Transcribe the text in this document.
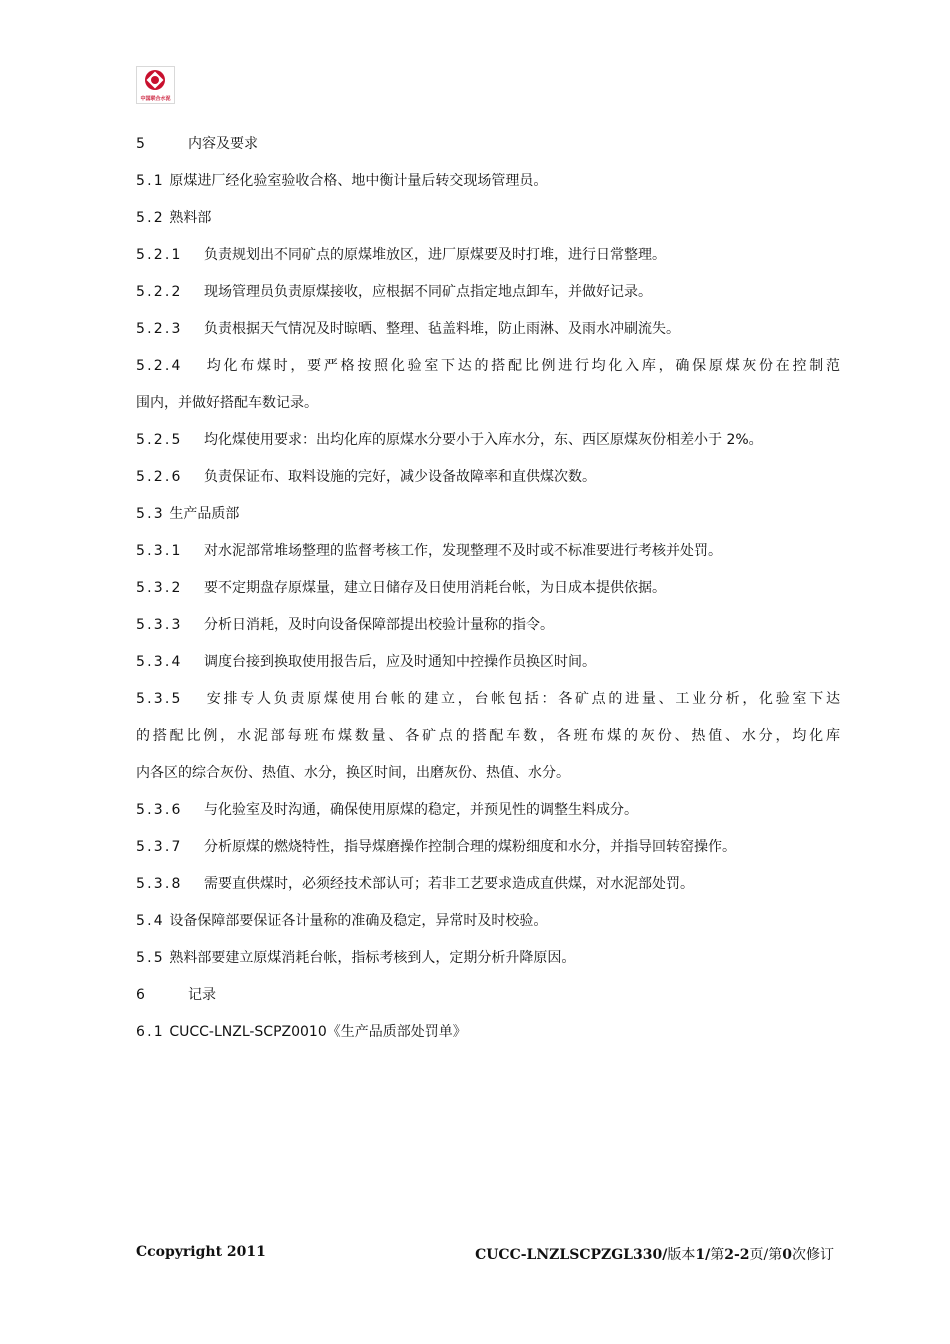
中国联合水泥
5	内容及要求
5.1 原煤进厂经化验室验收合格、地中衡计量后转交现场管理员。
5.2 熟料部
5.2.1 负责规划出不同矿点的原煤堆放区，进厂原煤要及时打堆，进行日常整理。
5.2.2 现场管理员负责原煤接收，应根据不同矿点指定地点卸车，并做好记录。
5.2.3 负责根据天气情况及时晾晒、整理、毡盖料堆，防止雨淋、及雨水冲刷流失。
5.2.4 均化布煤时，要严格按照化验室下达的搭配比例进行均化入库，确保原煤灰份在控制范
围内，并做好搭配车数记录。
5.2.5 均化煤使用要求：出均化库的原煤水分要小于入库水分，东、西区原煤灰份相差小于 2%。
5.2.6 负责保证布、取料设施的完好，减少设备故障率和直供煤次数。
5.3 生产品质部
5.3.1 对水泥部常堆场整理的监督考核工作，发现整理不及时或不标准要进行考核并处罚。
5.3.2 要不定期盘存原煤量，建立日储存及日使用消耗台帐，为日成本提供依据。
5.3.3 分析日消耗，及时向设备保障部提出校验计量称的指令。
5.3.4 调度台接到换取使用报告后，应及时通知中控操作员换区时间。
5.3.5 安排专人负责原煤使用台帐的建立，台帐包括：各矿点的进量、工业分析，化验室下达
的搭配比例，水泥部每班布煤数量、各矿点的搭配车数，各班布煤的灰份、热值、水分，均化库
内各区的综合灰份、热值、水分，换区时间，出磨灰份、热值、水分。
5.3.6 与化验室及时沟通，确保使用原煤的稳定，并预见性的调整生料成分。
5.3.7 分析原煤的燃烧特性，指导煤磨操作控制合理的煤粉细度和水分，并指导回转窑操作。
5.3.8 需要直供煤时，必须经技术部认可；若非工艺要求造成直供煤，对水泥部处罚。
5.4 设备保障部要保证各计量称的准确及稳定，异常时及时校验。
5.5 熟料部要建立原煤消耗台帐，指标考核到人，定期分析升降原因。
6	记录
6.1 CUCC-LNZL-SCPZ0010《生产品质部处罚单》
Ccopyright 2011	CUCC-LNZLSCPZGL330/版本1/第2-2页/第0次修订
